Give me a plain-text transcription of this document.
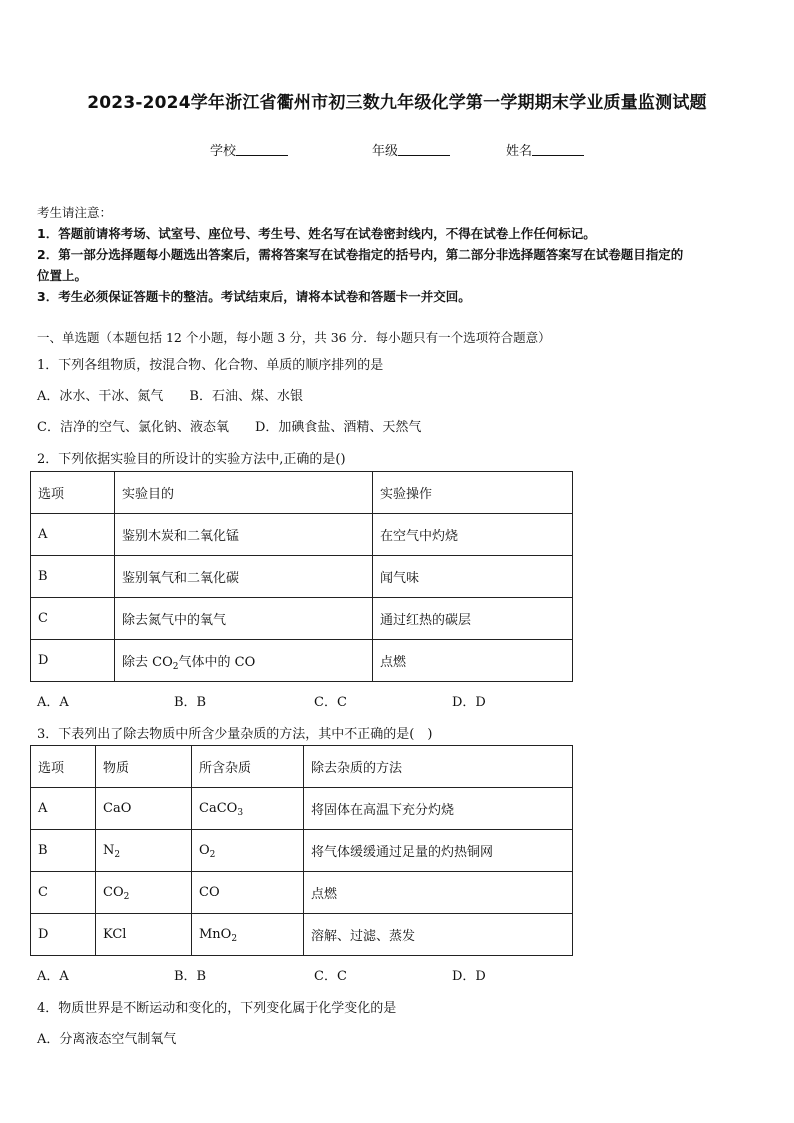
2023-2024学年浙江省衢州市初三数九年级化学第一学期期末学业质量监测试题
学校	年级	姓名
考生请注意：
1．答题前请将考场、试室号、座位号、考生号、姓名写在试卷密封线内，不得在试卷上作任何标记。
2．第一部分选择题每小题选出答案后，需将答案写在试卷指定的括号内，第二部分非选择题答案写在试卷题目指定的
位置上。
3．考生必须保证答题卡的整洁。考试结束后，请将本试卷和答题卡一并交回。
一、单选题（本题包括 12 个小题，每小题 3 分，共 36 分．每小题只有一个选项符合题意）
1．下列各组物质，按混合物、化合物、单质的顺序排列的是
A．冰水、干冰、氮气　　B．石油、煤、水银
C．洁净的空气、氯化钠、液态氧　　D．加碘食盐、酒精、天然气
2．下列依据实验目的所设计的实验方法中,正确的是()
选项	实验目的	实验操作
A	鉴别木炭和二氧化锰	在空气中灼烧
B	鉴别氧气和二氧化碳	闻气味
C	除去氮气中的氧气	通过红热的碳层
D	除去 $CO_2$气体中的 CO	点燃
A．A	B．B	C．C	D．D
3．下表列出了除去物质中所含少量杂质的方法，其中不正确的是(　)
选项	物质	所含杂质	除去杂质的方法
A	CaO	CaCO$_3$	将固体在高温下充分灼烧
B	$N_2$	$O_2$	将气体缓缓通过足量的灼热铜网
C	$CO_2$	CO	点燃
D	KCl	MnO$_2$	溶解、过滤、蒸发
A．A	B．B	C．C	D．D
4．物质世界是不断运动和变化的，下列变化属于化学变化的是
A．分离液态空气制氧气
